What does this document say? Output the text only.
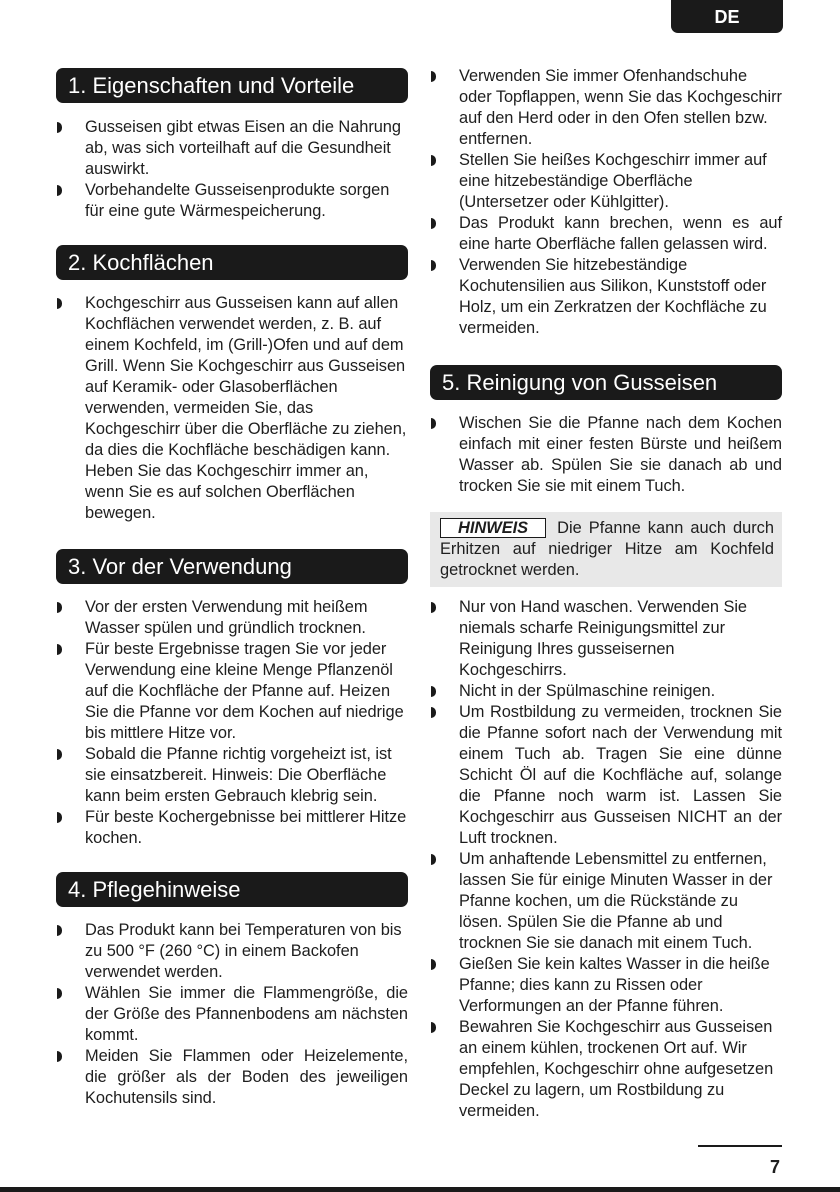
DE
1. Eigenschaften und Vorteile
Gusseisen gibt etwas Eisen an die Nahrung ab, was sich vorteilhaft auf die Gesundheit auswirkt.
Vorbehandelte Gusseisenprodukte sorgen für eine gute Wärmespeicherung.
2. Kochflächen
Kochgeschirr aus Gusseisen kann auf allen Kochflächen verwendet werden, z. B. auf einem Kochfeld, im (Grill-)Ofen und auf dem Grill. Wenn Sie Kochgeschirr aus Gusseisen auf Keramik- oder Glasoberflächen verwenden, vermeiden Sie, das Kochgeschirr über die Oberfläche zu ziehen, da dies die Kochfläche beschädigen kann. Heben Sie das Kochgeschirr immer an, wenn Sie es auf solchen Oberflächen bewegen.
3. Vor der Verwendung
Vor der ersten Verwendung mit heißem Wasser spülen und gründlich trocknen.
Für beste Ergebnisse tragen Sie vor jeder Verwendung eine kleine Menge Pflanzenöl auf die Kochfläche der Pfanne auf. Heizen Sie die Pfanne vor dem Kochen auf niedrige bis mittlere Hitze vor.
Sobald die Pfanne richtig vorgeheizt ist, ist sie einsatzbereit. Hinweis: Die Oberfläche kann beim ersten Gebrauch klebrig sein.
Für beste Kochergebnisse bei mittlerer Hitze kochen.
4. Pflegehinweise
Das Produkt kann bei Temperaturen von bis zu 500 °F (260 °C) in einem Backofen verwendet werden.
Wählen Sie immer die Flammengröße, die der Größe des Pfannenbodens am nächsten kommt.
Meiden Sie Flammen oder Heizelemente, die größer als der Boden des jeweiligen Kochutensils sind.
Verwenden Sie immer Ofenhandschuhe oder Topflappen, wenn Sie das Kochgeschirr auf den Herd oder in den Ofen stellen bzw. entfernen.
Stellen Sie heißes Kochgeschirr immer auf eine hitzebeständige Oberfläche (Untersetzer oder Kühlgitter).
Das Produkt kann brechen, wenn es auf eine harte Oberfläche fallen gelassen wird.
Verwenden Sie hitzebeständige Kochutensilien aus Silikon, Kunststoff oder Holz, um ein Zerkratzen der Kochfläche zu vermeiden.
5. Reinigung von Gusseisen
Wischen Sie die Pfanne nach dem Kochen einfach mit einer festen Bürste und heißem Wasser ab. Spülen Sie sie danach ab und trocken Sie sie mit einem Tuch.
HINWEIS Die Pfanne kann auch durch Erhitzen auf niedriger Hitze am Kochfeld getrocknet werden.
Nur von Hand waschen. Verwenden Sie niemals scharfe Reinigungsmittel zur Reinigung Ihres gusseisernen Kochgeschirrs.
Nicht in der Spülmaschine reinigen.
Um Rostbildung zu vermeiden, trocknen Sie die Pfanne sofort nach der Verwendung mit einem Tuch ab. Tragen Sie eine dünne Schicht Öl auf die Kochfläche auf, solange die Pfanne noch warm ist. Lassen Sie Kochgeschirr aus Gusseisen NICHT an der Luft trocknen.
Um anhaftende Lebensmittel zu entfernen, lassen Sie für einige Minuten Wasser in der Pfanne kochen, um die Rückstände zu lösen. Spülen Sie die Pfanne ab und trocknen Sie sie danach mit einem Tuch.
Gießen Sie kein kaltes Wasser in die heiße Pfanne; dies kann zu Rissen oder Verformungen an der Pfanne führen.
Bewahren Sie Kochgeschirr aus Gusseisen an einem kühlen, trockenen Ort auf. Wir empfehlen, Kochgeschirr ohne aufgesetzen Deckel zu lagern, um Rostbildung zu vermeiden.
7
